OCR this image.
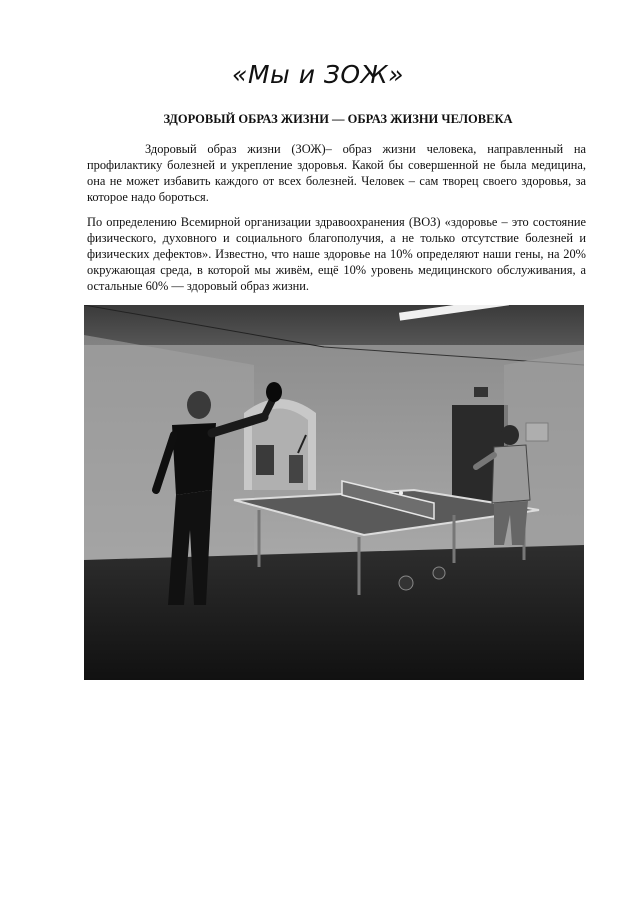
«Мы и ЗОЖ»
ЗДОРОВЫЙ ОБРАЗ ЖИЗНИ — ОБРАЗ ЖИЗНИ ЧЕЛОВЕКА
Здоровый образ жизни (ЗОЖ)– образ жизни человека, направленный на профилактику болезней и укрепление здоровья. Какой бы совершенной не была медицина, она не может избавить каждого от всех болезней. Человек – сам творец своего здоровья, за которое надо бороться.
По определению Всемирной организации здравоохранения (ВОЗ) «здоровье – это состояние физического, духовного и социального благополучия, а не только отсутствие болезней и физических дефектов». Известно, что наше здоровье на 10% определяют наши гены, на 20% окружающая среда, в которой мы живём, ещё 10% уровень медицинского обслуживания, а остальные 60% — здоровый образ жизни.
